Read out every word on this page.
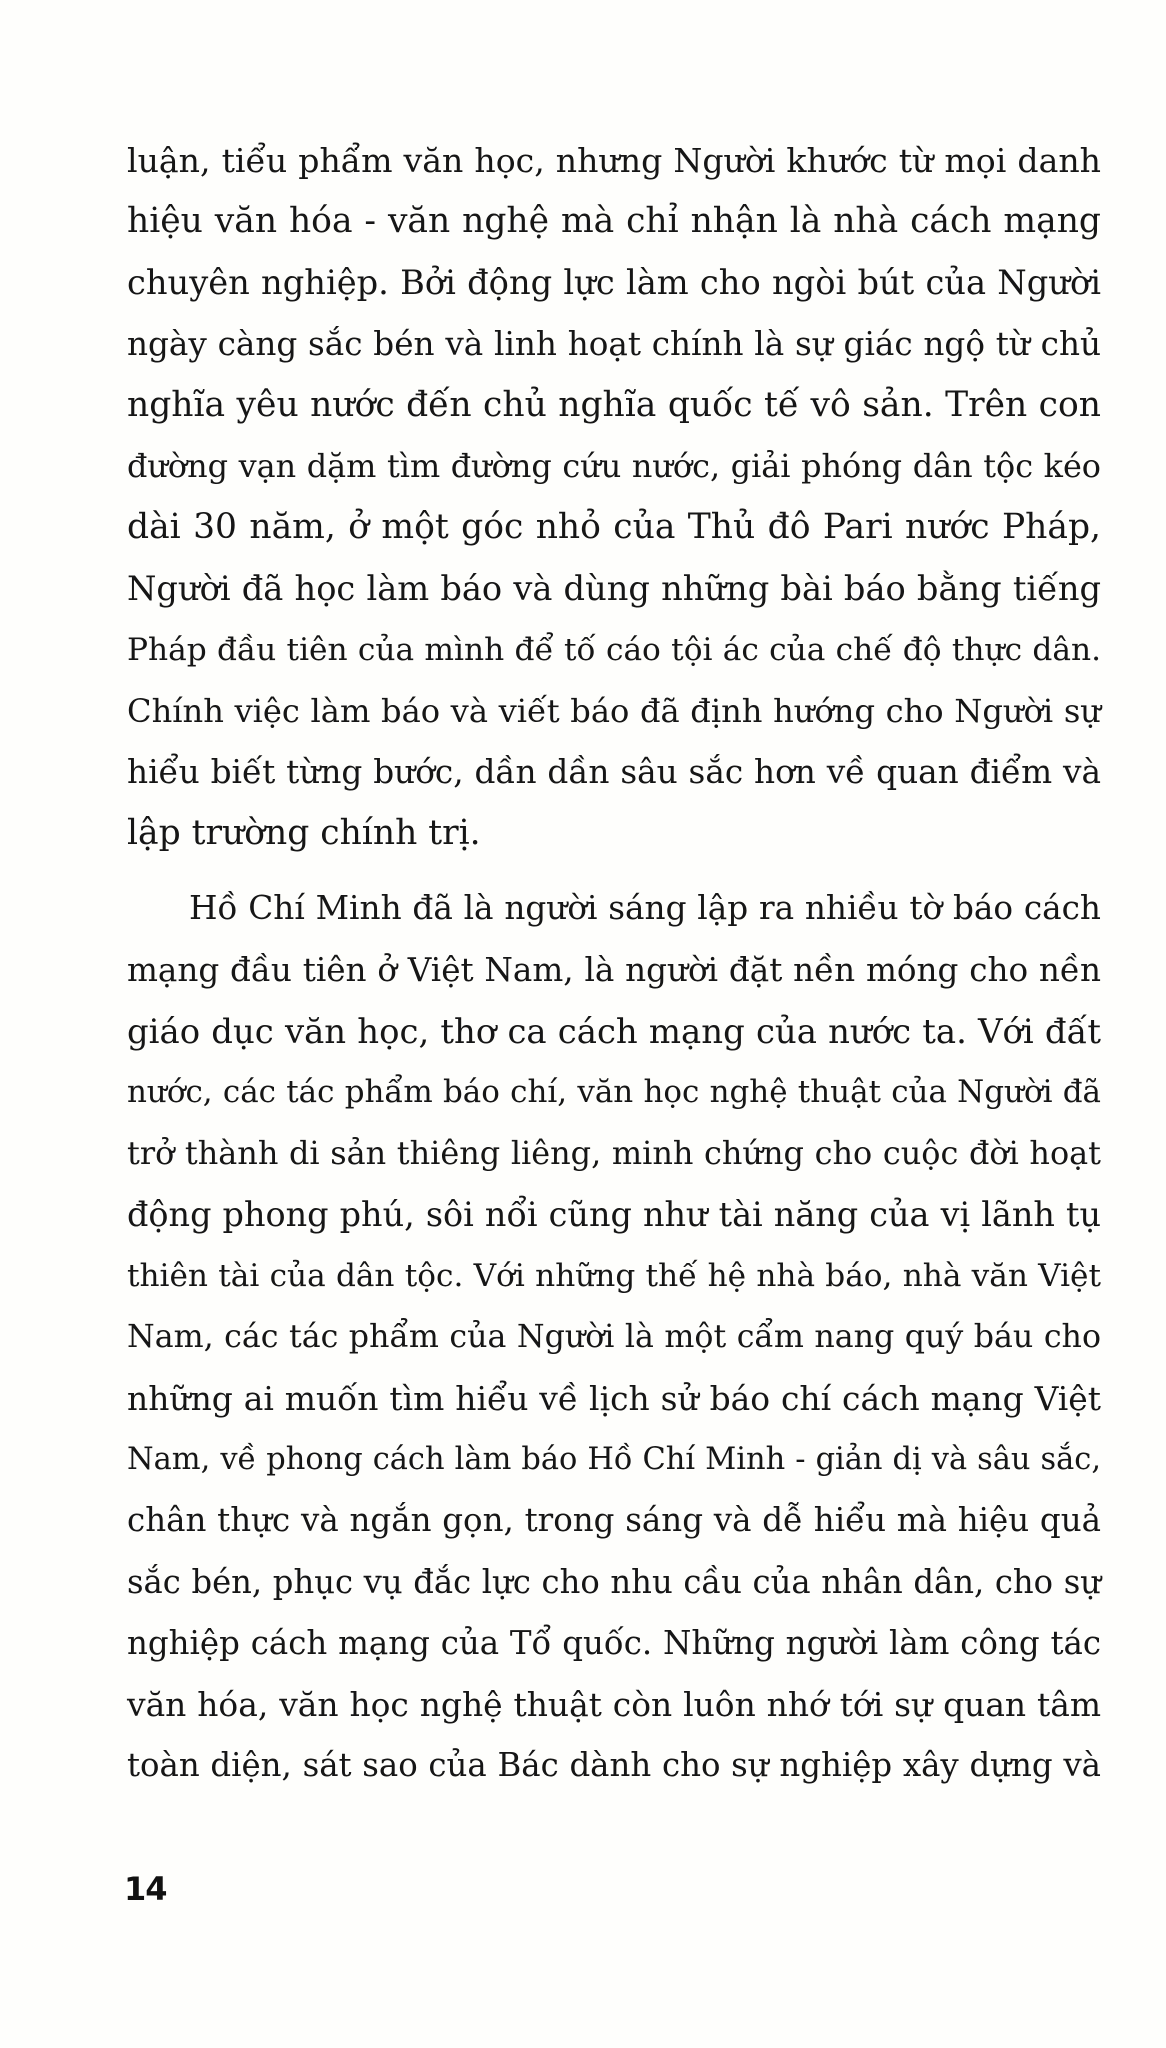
luận, tiểu phẩm văn học, nhưng Người khước từ mọi danh
hiệu văn hóa - văn nghệ mà chỉ nhận là nhà cách mạng
chuyên nghiệp. Bởi động lực làm cho ngòi bút của Người
ngày càng sắc bén và linh hoạt chính là sự giác ngộ từ chủ
nghĩa yêu nước đến chủ nghĩa quốc tế vô sản. Trên con
đường vạn dặm tìm đường cứu nước, giải phóng dân tộc kéo
dài 30 năm, ở một góc nhỏ của Thủ đô Pari nước Pháp,
Người đã học làm báo và dùng những bài báo bằng tiếng
Pháp đầu tiên của mình để tố cáo tội ác của chế độ thực dân.
Chính việc làm báo và viết báo đã định hướng cho Người sự
hiểu biết từng bước, dần dần sâu sắc hơn về quan điểm và
lập trường chính trị.

Hồ Chí Minh đã là người sáng lập ra nhiều tờ báo cách
mạng đầu tiên ở Việt Nam, là người đặt nền móng cho nền
giáo dục văn học, thơ ca cách mạng của nước ta. Với đất
nước, các tác phẩm báo chí, văn học nghệ thuật của Người đã
trở thành di sản thiêng liêng, minh chứng cho cuộc đời hoạt
động phong phú, sôi nổi cũng như tài năng của vị lãnh tụ
thiên tài của dân tộc. Với những thế hệ nhà báo, nhà văn Việt
Nam, các tác phẩm của Người là một cẩm nang quý báu cho
những ai muốn tìm hiểu về lịch sử báo chí cách mạng Việt
Nam, về phong cách làm báo Hồ Chí Minh - giản dị và sâu sắc,
chân thực và ngắn gọn, trong sáng và dễ hiểu mà hiệu quả
sắc bén, phục vụ đắc lực cho nhu cầu của nhân dân, cho sự
nghiệp cách mạng của Tổ quốc. Những người làm công tác
văn hóa, văn học nghệ thuật còn luôn nhớ tới sự quan tâm
toàn diện, sát sao của Bác dành cho sự nghiệp xây dựng và

14
